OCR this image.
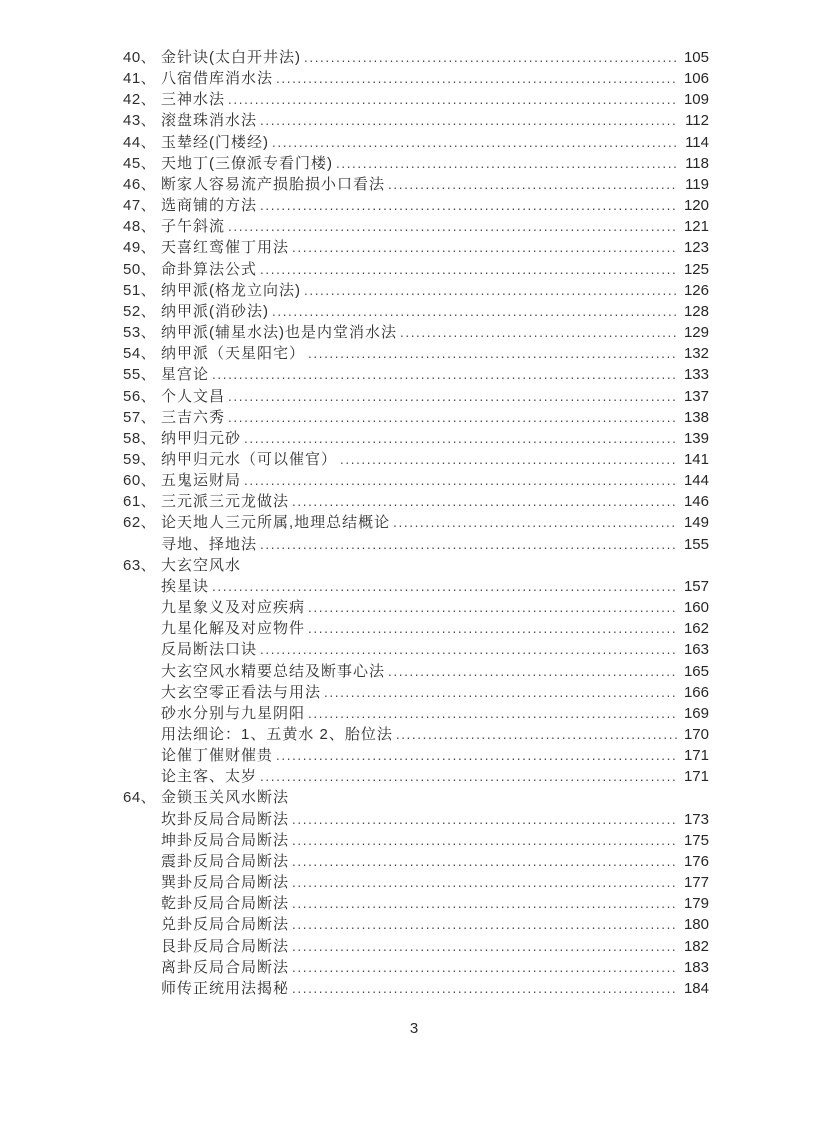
40、 金针诀(太白开井法) .....	105
41、 八宿借库消水法 .....	106
42、 三神水法 .....	109
43、 滚盘珠消水法 .....	112
44、 玉辇经(门楼经) .....	114
45、 天地丁(三僚派专看门楼) .....	118
46、 断家人容易流产损胎损小口看法 .....	119
47、 选商铺的方法 .....	120
48、 子午斜流 .....	121
49、 天喜红鸾催丁用法 .....	123
50、 命卦算法公式 .....	125
51、 纳甲派(格龙立向法) .....	126
52、 纳甲派(消砂法) .....	128
53、 纳甲派(辅星水法)也是内堂消水法 .....	129
54、 纳甲派（天星阳宅） .....	132
55、 星宫论 .....	133
56、 个人文昌 .....	137
57、 三吉六秀 .....	138
58、 纳甲归元砂 .....	139
59、 纳甲归元水（可以催官） .....	141
60、 五鬼运财局 .....	144
61、 三元派三元龙做法 .....	146
62、 论天地人三元所属,地理总结概论 .....	149
寻地、择地法 .....	155
63、 大玄空风水
挨星诀 .....	157
九星象义及对应疾病 .....	160
九星化解及对应物件 .....	162
反局断法口诀 .....	163
大玄空风水精要总结及断事心法 .....	165
大玄空零正看法与用法 .....	166
砂水分别与九星阴阳 .....	169
用法细论：1、五黄水 2、胎位法 .....	170
论催丁催财催贵 .....	171
论主客、太岁 .....	171
64、 金锁玉关风水断法
坎卦反局合局断法 .....	173
坤卦反局合局断法 .....	175
震卦反局合局断法 .....	176
巽卦反局合局断法 .....	177
乾卦反局合局断法 .....	179
兑卦反局合局断法 .....	180
艮卦反局合局断法 .....	182
离卦反局合局断法 .....	183
师传正统用法揭秘 .....	184
3
